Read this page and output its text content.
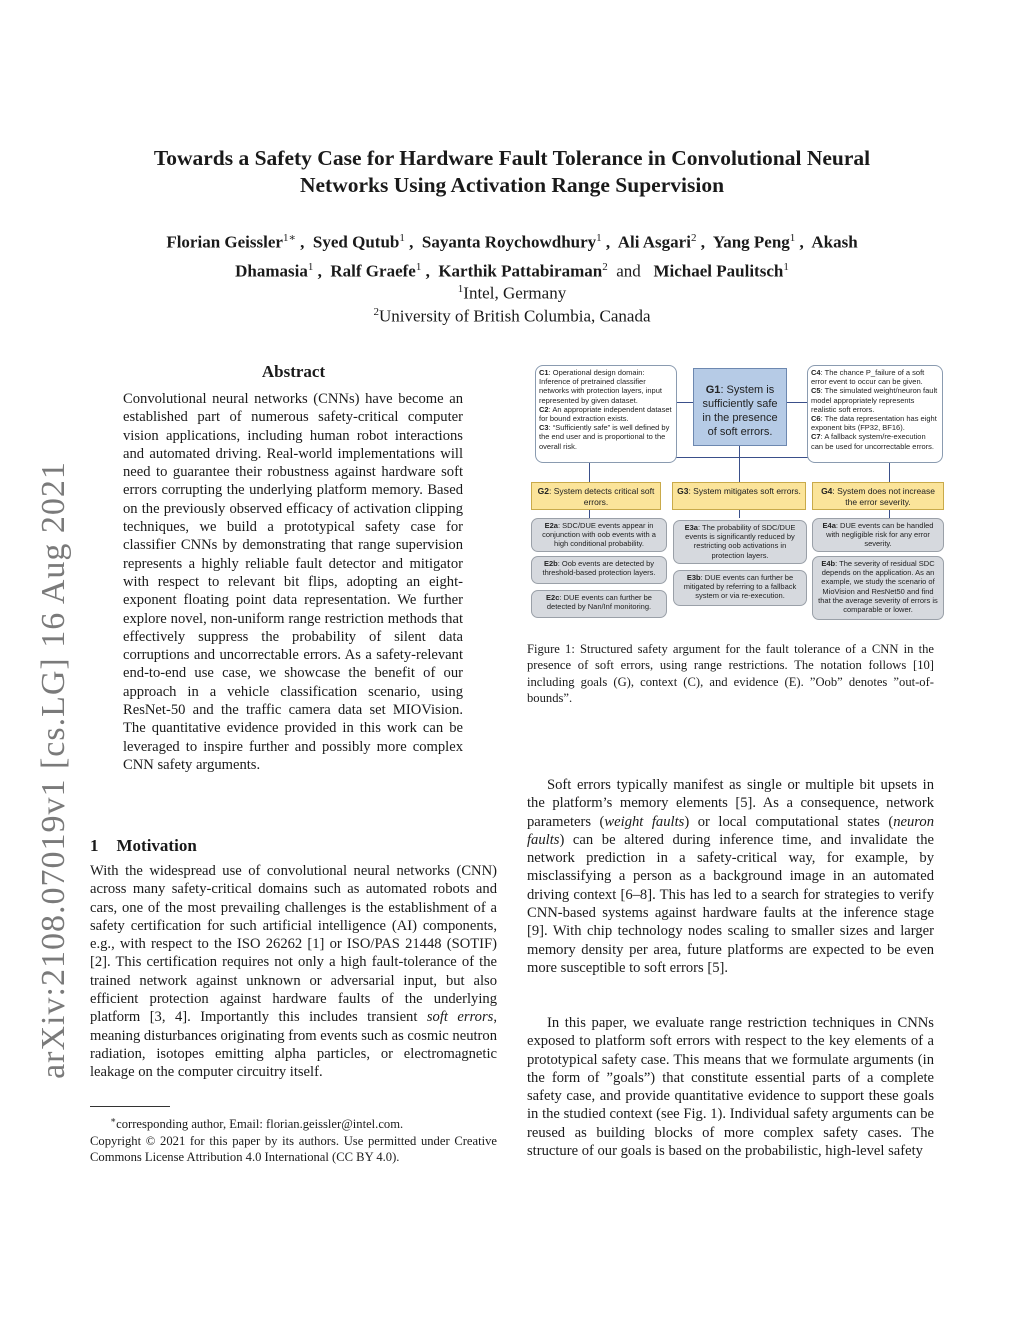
arXiv:2108.07019v1 [cs.LG] 16 Aug 2021
Towards a Safety Case for Hardware Fault Tolerance in Convolutional Neural
Networks Using Activation Range Supervision
Florian Geissler$^{1∗}$ ,  Syed Qutub$^1$ ,  Sayanta Roychowdhury$^1$ ,  Ali Asgari$^2$ ,  Yang Peng$^1$ ,  Akash
Dhamasia$^1$ ,  Ralf Graefe$^1$ ,  Karthik Pattabiraman$^2$ and Michael Paulitsch$^1$
$^1$Intel, Germany
$^2$University of British Columbia, Canada
Abstract
Convolutional neural networks (CNNs) have become an established part of numerous safety-critical computer vision applications, including human robot interactions and automated driving. Real-world implementations will need to guarantee their robustness against hardware soft errors corrupting the underlying platform memory. Based on the previously observed efficacy of activation clipping techniques, we build a prototypical safety case for classifier CNNs by demonstrating that range supervision represents a highly reliable fault detector and mitigator with respect to relevant bit flips, adopting an eight-exponent floating point data representation. We further explore novel, non-uniform range restriction methods that effectively suppress the probability of silent data corruptions and uncorrectable errors. As a safety-relevant end-to-end use case, we showcase the benefit of our approach in a vehicle classification scenario, using ResNet-50 and the traffic camera data set MIOVision. The quantitative evidence provided in this work can be leveraged to inspire further and possibly more complex CNN safety arguments.
1 Motivation
With the widespread use of convolutional neural networks (CNN) across many safety-critical domains such as automated robots and cars, one of the most prevailing challenges is the establishment of a safety certification for such artificial intelligence (AI) components, e.g., with respect to the ISO 26262 [1] or ISO/PAS 21448 (SOTIF) [2]. This certification requires not only a high fault-tolerance of the trained network against unknown or adversarial input, but also efficient protection against hardware faults of the underlying platform [3, 4]. Importantly this includes transient soft errors, meaning disturbances originating from events such as cosmic neutron radiation, isotopes emitting alpha particles, or electromagnetic leakage on the computer circuitry itself.
∗corresponding author, Email: florian.geissler@intel.com.
Copyright © 2021 for this paper by its authors. Use permitted under Creative Commons License Attribution 4.0 International (CC BY 4.0).
C1: Operational design domain: Inference of pretrained classifier networks with protection layers, input represented by given dataset.
C2: An appropriate independent dataset for bound extraction exists.
C3: “Sufficiently safe” is well defined by the end user and is proportional to the overall risk.
G1: System is sufficiently safe in the presence of soft errors.
C4: The chance P_failure of a soft error event to occur can be given.
C5: The simulated weight/neuron fault model appropriately represents realistic soft errors.
C6: The data representation has eight exponent bits (FP32, BF16).
C7: A fallback system/re-execution can be used for uncorrectable errors.
G2: System detects critical soft errors.
G3: System mitigates soft errors.	G4: System does not increase the error severity.
E2a: SDC/DUE events appear in conjunction with oob events with a high conditional probability.
E2b: Oob events are detected by threshold-based protection layers.
E2c: DUE events can further be detected by Nan/Inf monitoring.
E3a: The probability of SDC/DUE events is significantly reduced by restricting oob activations in protection layers.
E3b: DUE events can further be mitigated by referring to a fallback system or via re-execution.
E4a: DUE events can be handled with negligible risk for any error severity.
E4b: The severity of residual SDC depends on the application. As an example, we study the scenario of MioVision and ResNet50 and find that the average severity of errors is comparable or lower.
Figure 1: Structured safety argument for the fault tolerance of a CNN in the presence of soft errors, using range restrictions. The notation follows [10] including goals (G), context (C), and evidence (E). ”Oob” denotes ”out-of-bounds”.
Soft errors typically manifest as single or multiple bit upsets in the platform’s memory elements [5]. As a consequence, network parameters (weight faults) or local computational states (neuron faults) can be altered during inference time, and invalidate the network prediction in a safety-critical way, for example, by misclassifying a person as a background image in an automated driving context [6–8]. This has led to a search for strategies to verify CNN-based systems against hardware faults at the inference stage [9]. With chip technology nodes scaling to smaller sizes and larger memory density per area, future platforms are expected to be even more susceptible to soft errors [5].
In this paper, we evaluate range restriction techniques in CNNs exposed to platform soft errors with respect to the key elements of a prototypical safety case. This means that we formulate arguments (in the form of ”goals”) that constitute essential parts of a complete safety case, and provide quantitative evidence to support these goals in the studied context (see Fig. 1). Individual safety arguments can be reused as building blocks of more complex safety cases. The structure of our goals is based on the probabilistic, high-level safety
